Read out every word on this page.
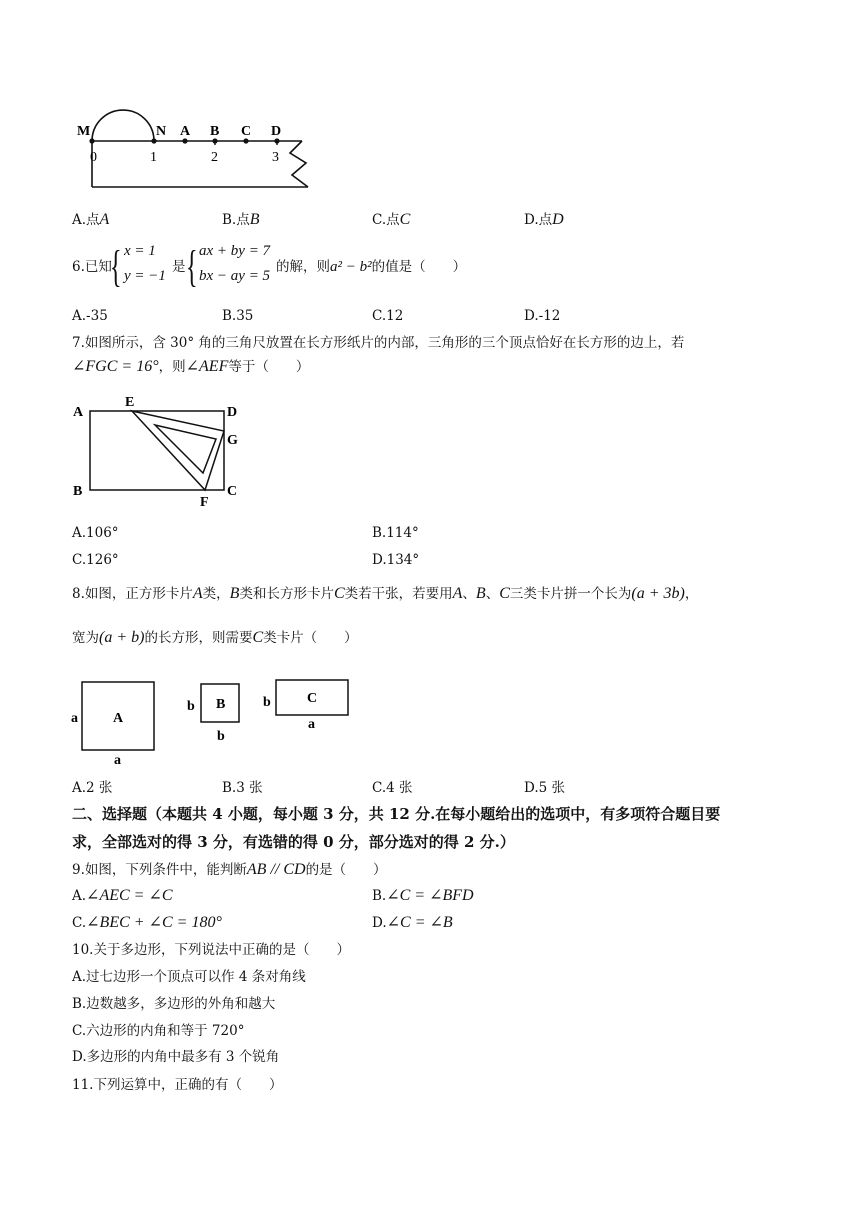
M	N A B C D
0	1	2	3
A.点A	B.点B	C.点C	D.点D
6.已知
{ x = 1
y = −1
是 { ax + by = 7
bx − ay = 5
的解，则a² − b²的值是（　　）
A.-35	B.35	C.12	D.-12
7.如图所示，含 30° 角的三角尺放置在长方形纸片的内部，三角形的三个顶点恰好在长方形的边上，若
∠FGC = 16°，则∠AEF等于（　　）
A
E
D
G
B
F
C
A.106°	B.114°
C.126°	D.134°
8.如图，正方形卡片A类，B类和长方形卡片C类若干张，若要用A、B、C三类卡片拼一个长为(a + 3b)，
宽为(a + b)的长方形，则需要C类卡片（　　）
A
a
a
B
b
b
C
b
a
A.2 张	B.3 张	C.4 张	D.5 张
二、选择题（本题共 4 小题，每小题 3 分，共 12 分.在每小题给出的选项中，有多项符合题目要
求，全部选对的得 3 分，有选错的得 0 分，部分选对的得 2 分.）
9.如图，下列条件中，能判断AB // CD的是（　　）
A.∠AEC = ∠C	B.∠C = ∠BFD
C.∠BEC + ∠C = 180°	D.∠C = ∠B
10.关于多边形，下列说法中正确的是（　　）
A.过七边形一个顶点可以作 4 条对角线
B.边数越多，多边形的外角和越大
C.六边形的内角和等于 720°
D.多边形的内角中最多有 3 个锐角
11.下列运算中，正确的有（　　）
